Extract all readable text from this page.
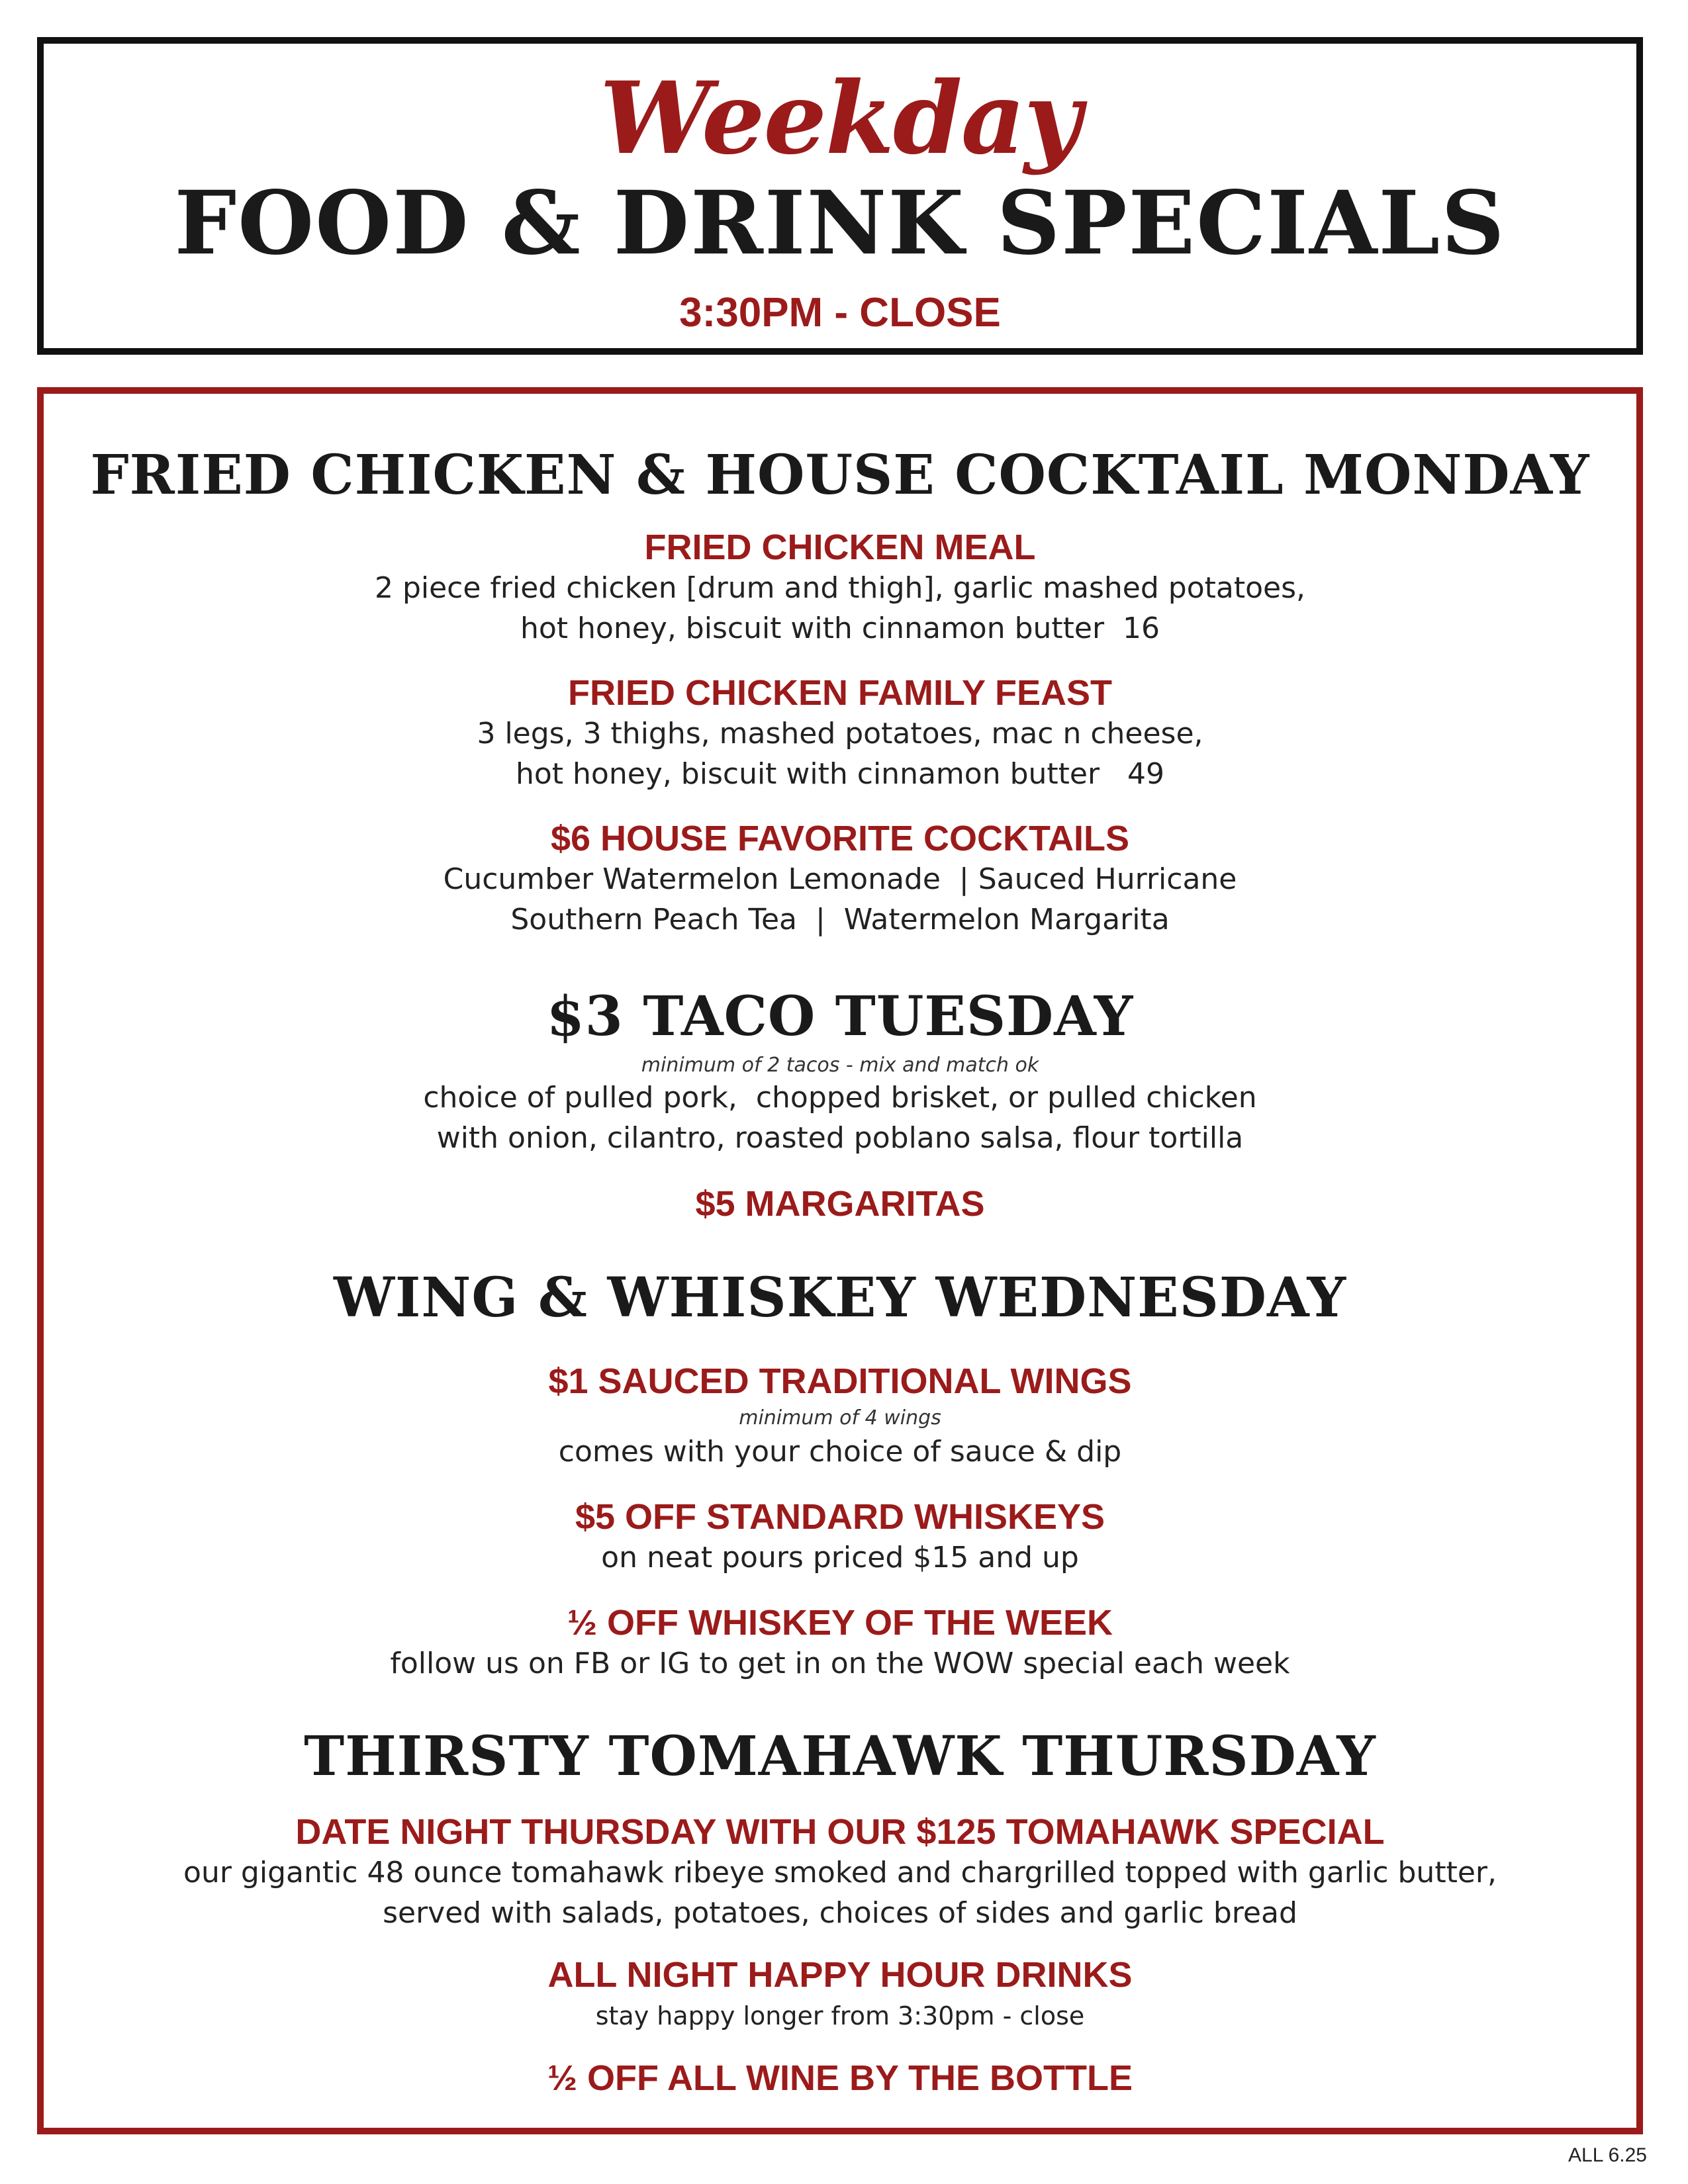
Weekday
FOOD & DRINK SPECIALS
3:30PM - CLOSE
FRIED CHICKEN & HOUSE COCKTAIL MONDAY
FRIED CHICKEN MEAL
2 piece fried chicken [drum and thigh], garlic mashed potatoes,
hot honey, biscuit with cinnamon butter  16
FRIED CHICKEN FAMILY FEAST
3 legs, 3 thighs, mashed potatoes, mac n cheese,
hot honey, biscuit with cinnamon butter   49
$6 HOUSE FAVORITE COCKTAILS
Cucumber Watermelon Lemonade  | Sauced Hurricane
Southern Peach Tea  |  Watermelon Margarita
$3 TACO TUESDAY
minimum of 2 tacos - mix and match ok
choice of pulled pork,  chopped brisket, or pulled chicken
with onion, cilantro, roasted poblano salsa, flour tortilla
$5 MARGARITAS
WING & WHISKEY WEDNESDAY
$1 SAUCED TRADITIONAL WINGS
minimum of 4 wings
comes with your choice of sauce & dip
$5 OFF STANDARD WHISKEYS
on neat pours priced $15 and up
½ OFF WHISKEY OF THE WEEK
follow us on FB or IG to get in on the WOW special each week
THIRSTY TOMAHAWK THURSDAY
DATE NIGHT THURSDAY WITH OUR $125 TOMAHAWK SPECIAL
our gigantic 48 ounce tomahawk ribeye smoked and chargrilled topped with garlic butter,
served with salads, potatoes, choices of sides and garlic bread
ALL NIGHT HAPPY HOUR DRINKS
stay happy longer from 3:30pm - close
½ OFF ALL WINE BY THE BOTTLE
ALL 6.25
